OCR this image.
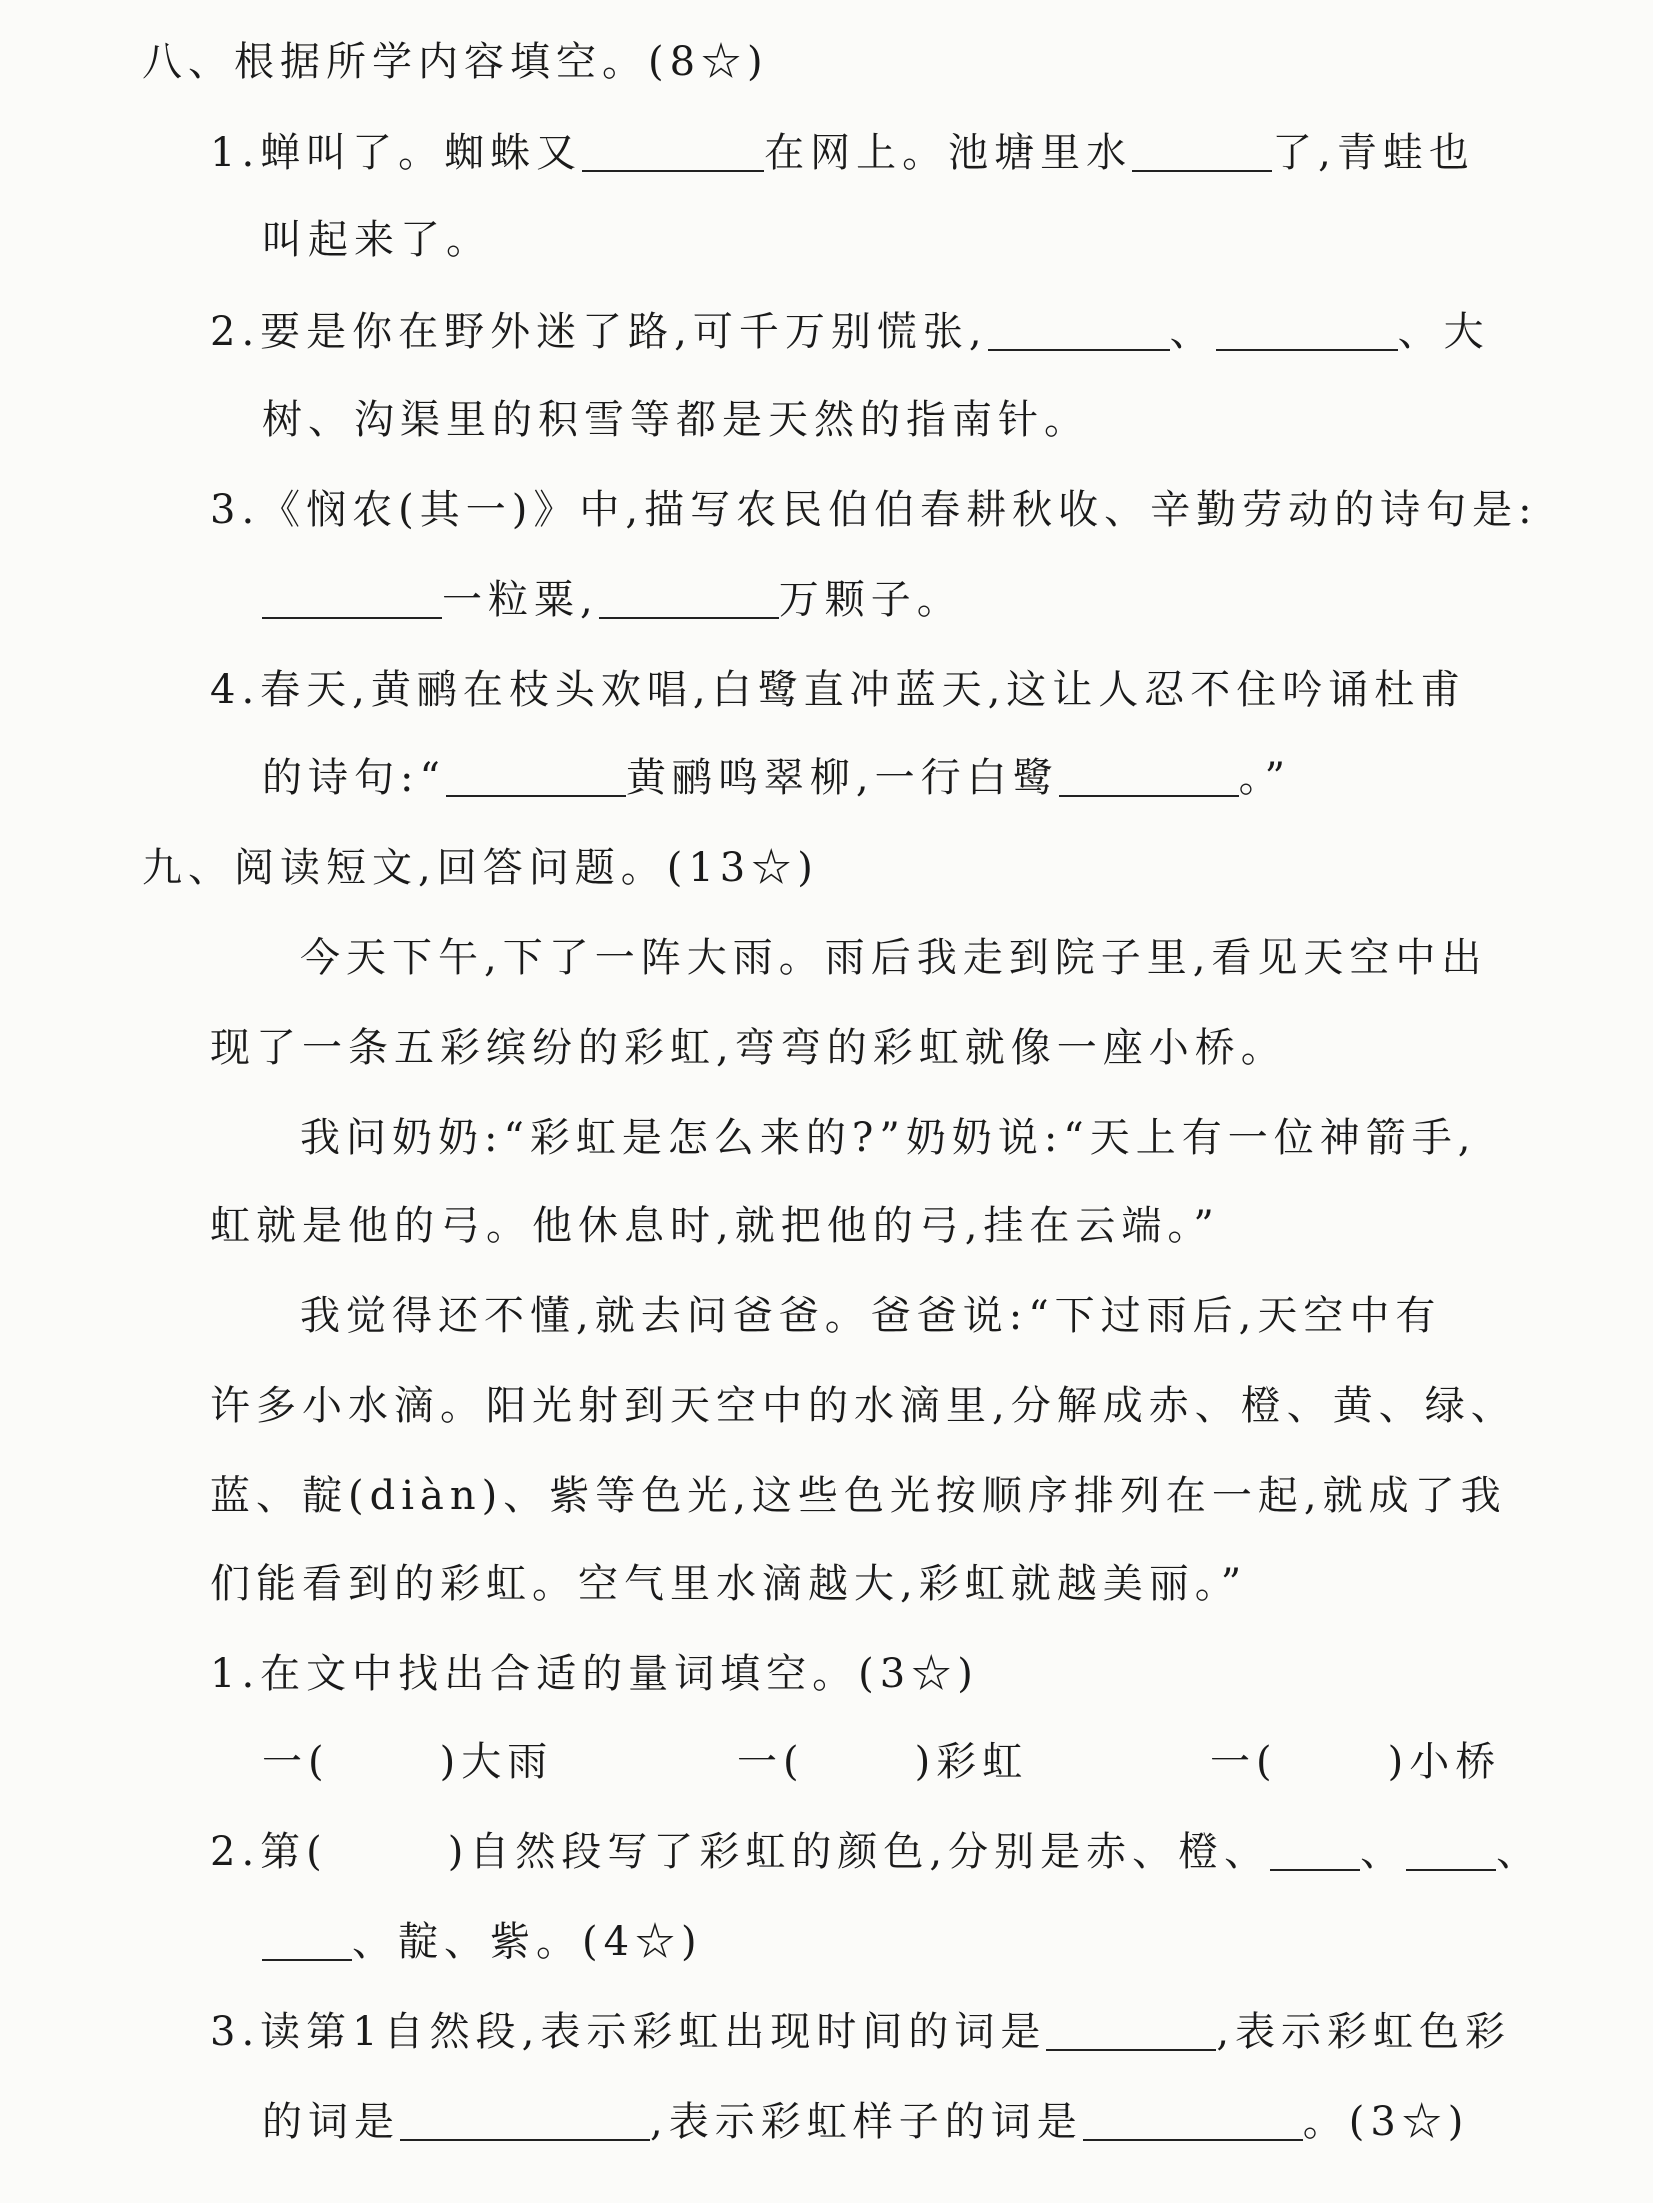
八、根据所学内容填空。(8☆)
1.蝉叫了。蜘蛛又	在网上。池塘里水	了,青蛙也
叫起来了。
2.要是你在野外迷了路,可千万别慌张,	、	、大
树、沟渠里的积雪等都是天然的指南针。
3.《悯农(其一)》中,描写农民伯伯春耕秋收、辛勤劳动的诗句是:
一粒粟,	万颗子。
4.春天,黄鹂在枝头欢唱,白鹭直冲蓝天,这让人忍不住吟诵杜甫
的诗句:“	黄鹂鸣翠柳,一行白鹭	。”
九、阅读短文,回答问题。(13☆)
今天下午,下了一阵大雨。雨后我走到院子里,看见天空中出
现了一条五彩缤纷的彩虹,弯弯的彩虹就像一座小桥。
我问奶奶:“彩虹是怎么来的?”奶奶说:“天上有一位神箭手,
虹就是他的弓。他休息时,就把他的弓,挂在云端。”
我觉得还不懂,就去问爸爸。爸爸说:“下过雨后,天空中有
许多小水滴。阳光射到天空中的水滴里,分解成赤、橙、黄、绿、
蓝、靛(diàn)、紫等色光,这些色光按顺序排列在一起,就成了我
们能看到的彩虹。空气里水滴越大,彩虹就越美丽。”
1.在文中找出合适的量词填空。(3☆)
一(	)大雨	一(	)彩虹	一(	)小桥
2.第(	)自然段写了彩虹的颜色,分别是赤、橙、 、 、
、靛、紫。(4☆)
3.读第1自然段,表示彩虹出现时间的词是	,表示彩虹色彩
的词是	,表示彩虹样子的词是	。(3☆)
